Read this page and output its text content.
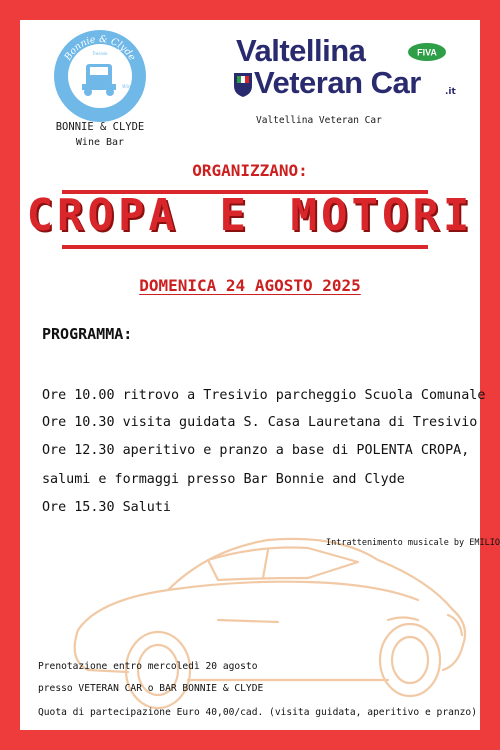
Bonnie & Clyde
Tresivio
Wine Bar
BONNIE & CLYDE
Wine Bar
Valtellina
Veteran Car	.it
FIVA
Valtellina Veteran Car
ORGANIZZANO:
CROPA E MOTORI
DOMENICA 24 AGOSTO 2025
PROGRAMMA:
Ore 10.00 ritrovo a Tresivio parcheggio Scuola Comunale
Ore 10.30 visita guidata S. Casa Lauretana di Tresivio
Ore 12.30 aperitivo e pranzo a base di POLENTA CROPA,
salumi e formaggi presso Bar Bonnie and Clyde
Ore 15.30 Saluti
Intrattenimento musicale by EMILIO
Prenotazione entro mercoledì 20 agosto
presso VETERAN CAR o BAR BONNIE & CLYDE
Quota di partecipazione Euro 40,00/cad. (visita guidata, aperitivo e pranzo)
